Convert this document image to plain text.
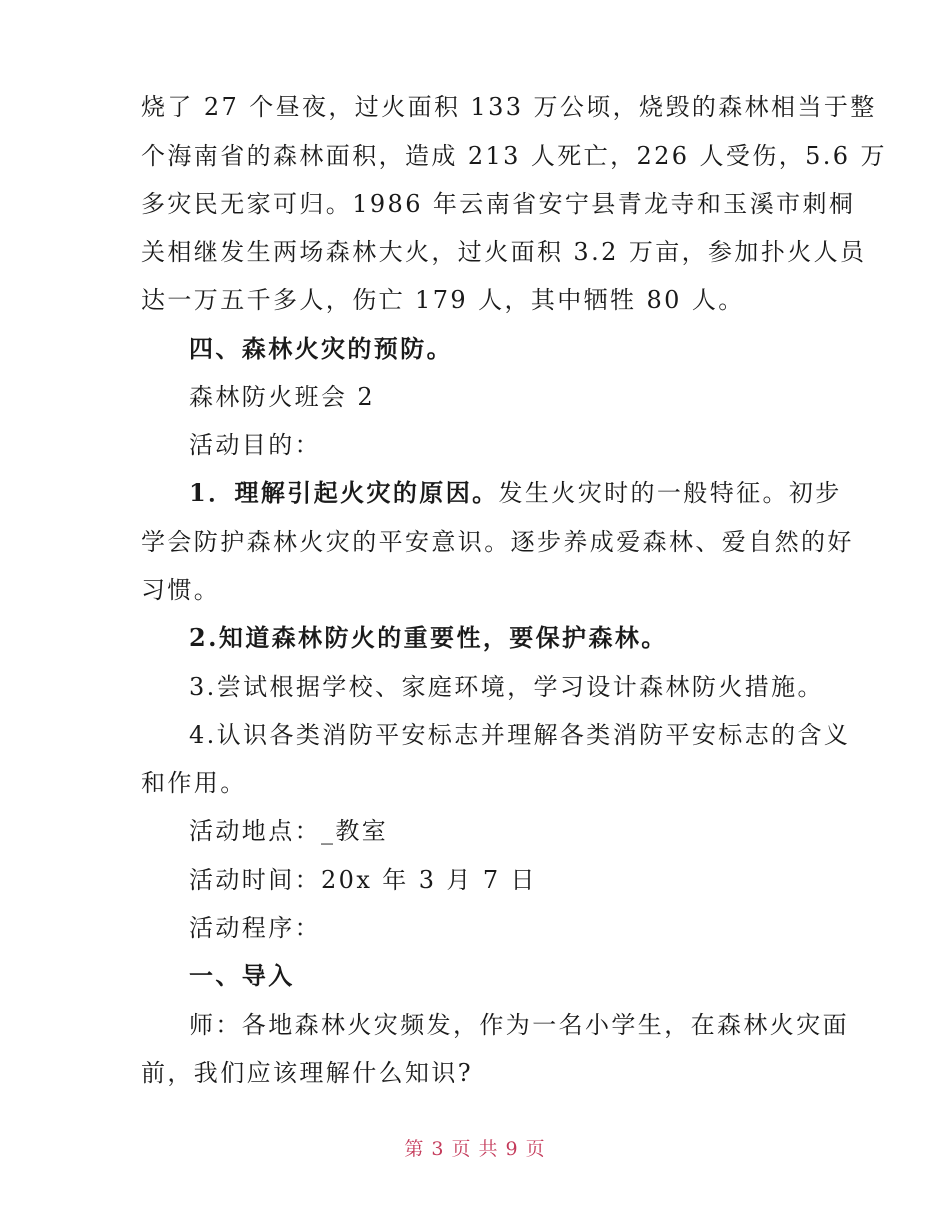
烧了 27 个昼夜，过火面积 133 万公顷，烧毁的森林相当于整
个海南省的森林面积，造成 213 人死亡，226 人受伤，5.6 万
多灾民无家可归。1986 年云南省安宁县青龙寺和玉溪市刺桐
关相继发生两场森林大火，过火面积 3.2 万亩，参加扑火人员
达一万五千多人，伤亡 179 人，其中牺牲 80 人。
四、森林火灾的预防。
森林防火班会 2
活动目的：
1．理解引起火灾的原因。发生火灾时的一般特征。初步
学会防护森林火灾的平安意识。逐步养成爱森林、爱自然的好
习惯。
2.知道森林防火的重要性，要保护森林。
3.尝试根据学校、家庭环境，学习设计森林防火措施。
4.认识各类消防平安标志并理解各类消防平安标志的含义
和作用。
活动地点：_教室
活动时间：20x 年 3 月 7 日
活动程序：
一、导入
师：各地森林火灾频发，作为一名小学生，在森林火灾面
前，我们应该理解什么知识?
第 3 页 共 9 页
